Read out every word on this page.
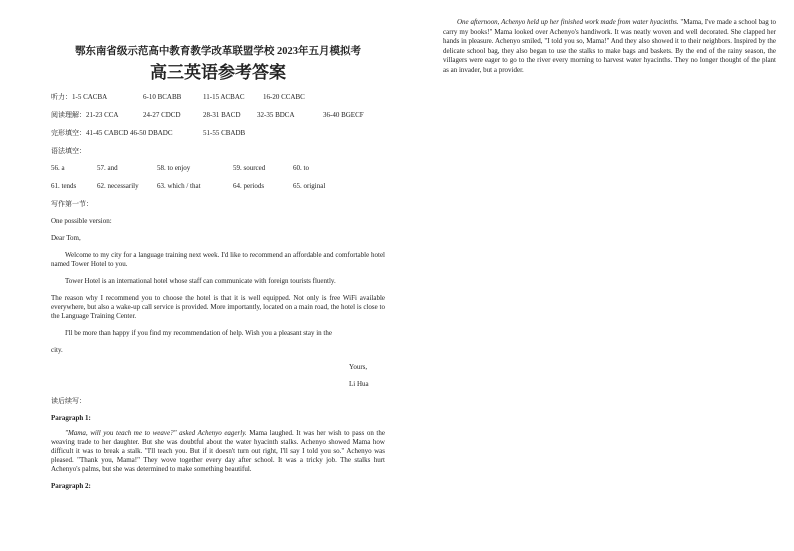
鄂东南省级示范高中教育教学改革联盟学校 2023年五月模拟考
高三英语参考答案
听力：1-5 CACBA	6-10 BCABB	11-15 ACBAC	16-20 CCABC
阅读理解：21-23 CCA	24-27 CDCD	28-31 BACD	32-35 BDCA	36-40 BGECF
完形填空：41-45 CABCD 46-50 DBADC	51-55 CBADB
语法填空：
56. a	57. and	58. to enjoy	59. sourced	60. to
61. tends	62. necessarily	63. which / that	64. periods	65. original
写作第一节：
One possible version:
Dear Tom,

Welcome to my city for a language training next week. I'd like to recommend an affordable and comfortable hotel named Tower Hotel to you.

Tower Hotel is an international hotel whose staff can communicate with foreign tourists fluently.

The reason why I recommend you to choose the hotel is that it is well equipped. Not only is free WiFi available everywhere, but also a wake-up call service is provided. More importantly, located on a main road, the hotel is close to the Language Training Center.

I'll be more than happy if you find my recommendation of help. Wish you a pleasant stay in the

city.

Yours,
Li Hua
读后续写：
Paragraph 1:

"Mama, will you teach me to weave?" asked Achenyo eagerly. Mama laughed. It was her wish to pass on the weaving trade to her daughter. But she was doubtful about the water hyacinth stalks. Achenyo showed Mama how difficult it was to break a stalk. "I'll teach you. But if it doesn't turn out right, I'll say I told you so." Achenyo was pleased. "Thank you, Mama!" They wove together every day after school. It was a tricky job. The stalks hurt Achenyo's palms, but she was determined to make something beautiful.

Paragraph 2:

One afternoon, Achenyo held up her finished work made from water hyacinths. "Mama, I've made a school bag to carry my books!" Mama looked over Achenyo's handiwork. It was neatly woven and well decorated. She clapped her hands in pleasure. Achenyo smiled, "I told you so, Mama!" And they also showed it to their neighbors. Inspired by the delicate school bag, they also began to use the stalks to make bags and baskets. By the end of the rainy season, the villagers were eager to go to the river every morning to harvest water hyacinths. They no longer thought of the plant as an invader, but a provider.
